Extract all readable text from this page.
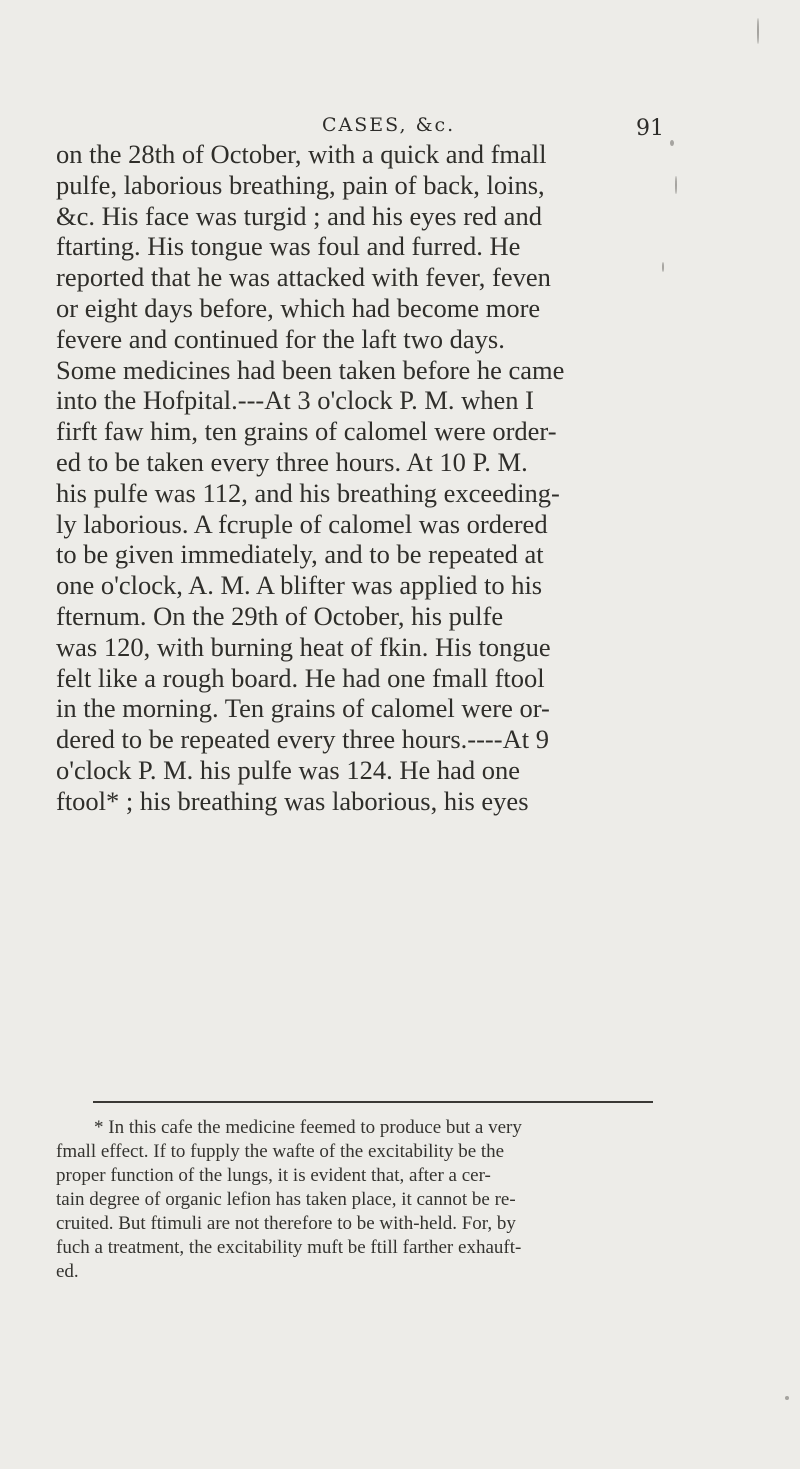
CASES, &c.	91

on the 28th of October, with a quick and fmall
pulfe, laborious breathing, pain of back, loins,
&c. His face was turgid ; and his eyes red and
ftarting. His tongue was foul and furred. He
reported that he was attacked with fever, feven
or eight days before, which had become more
fevere and continued for the laft two days.
Some medicines had been taken before he came
into the Hofpital.---At 3 o'clock P. M. when I
firft faw him, ten grains of calomel were order-
ed to be taken every three hours. At 10 P. M.
his pulfe was 112, and his breathing exceeding-
ly laborious. A fcruple of calomel was ordered
to be given immediately, and to be repeated at
one o'clock, A. M. A blifter was applied to his
fternum. On the 29th of October, his pulfe
was 120, with burning heat of fkin. His tongue
felt like a rough board. He had one fmall ftool
in the morning. Ten grains of calomel were or-
dered to be repeated every three hours.----At 9
o'clock P. M. his pulfe was 124. He had one
ftool* ; his breathing was laborious, his eyes

* In this cafe the medicine feemed to produce but a very
fmall effect. If to fupply the wafte of the excitability be the
proper function of the lungs, it is evident that, after a cer-
tain degree of organic lefion has taken place, it cannot be re-
cruited. But ftimuli are not therefore to be with-held. For, by
fuch a treatment, the excitability muft be ftill farther exhauft-
ed.
